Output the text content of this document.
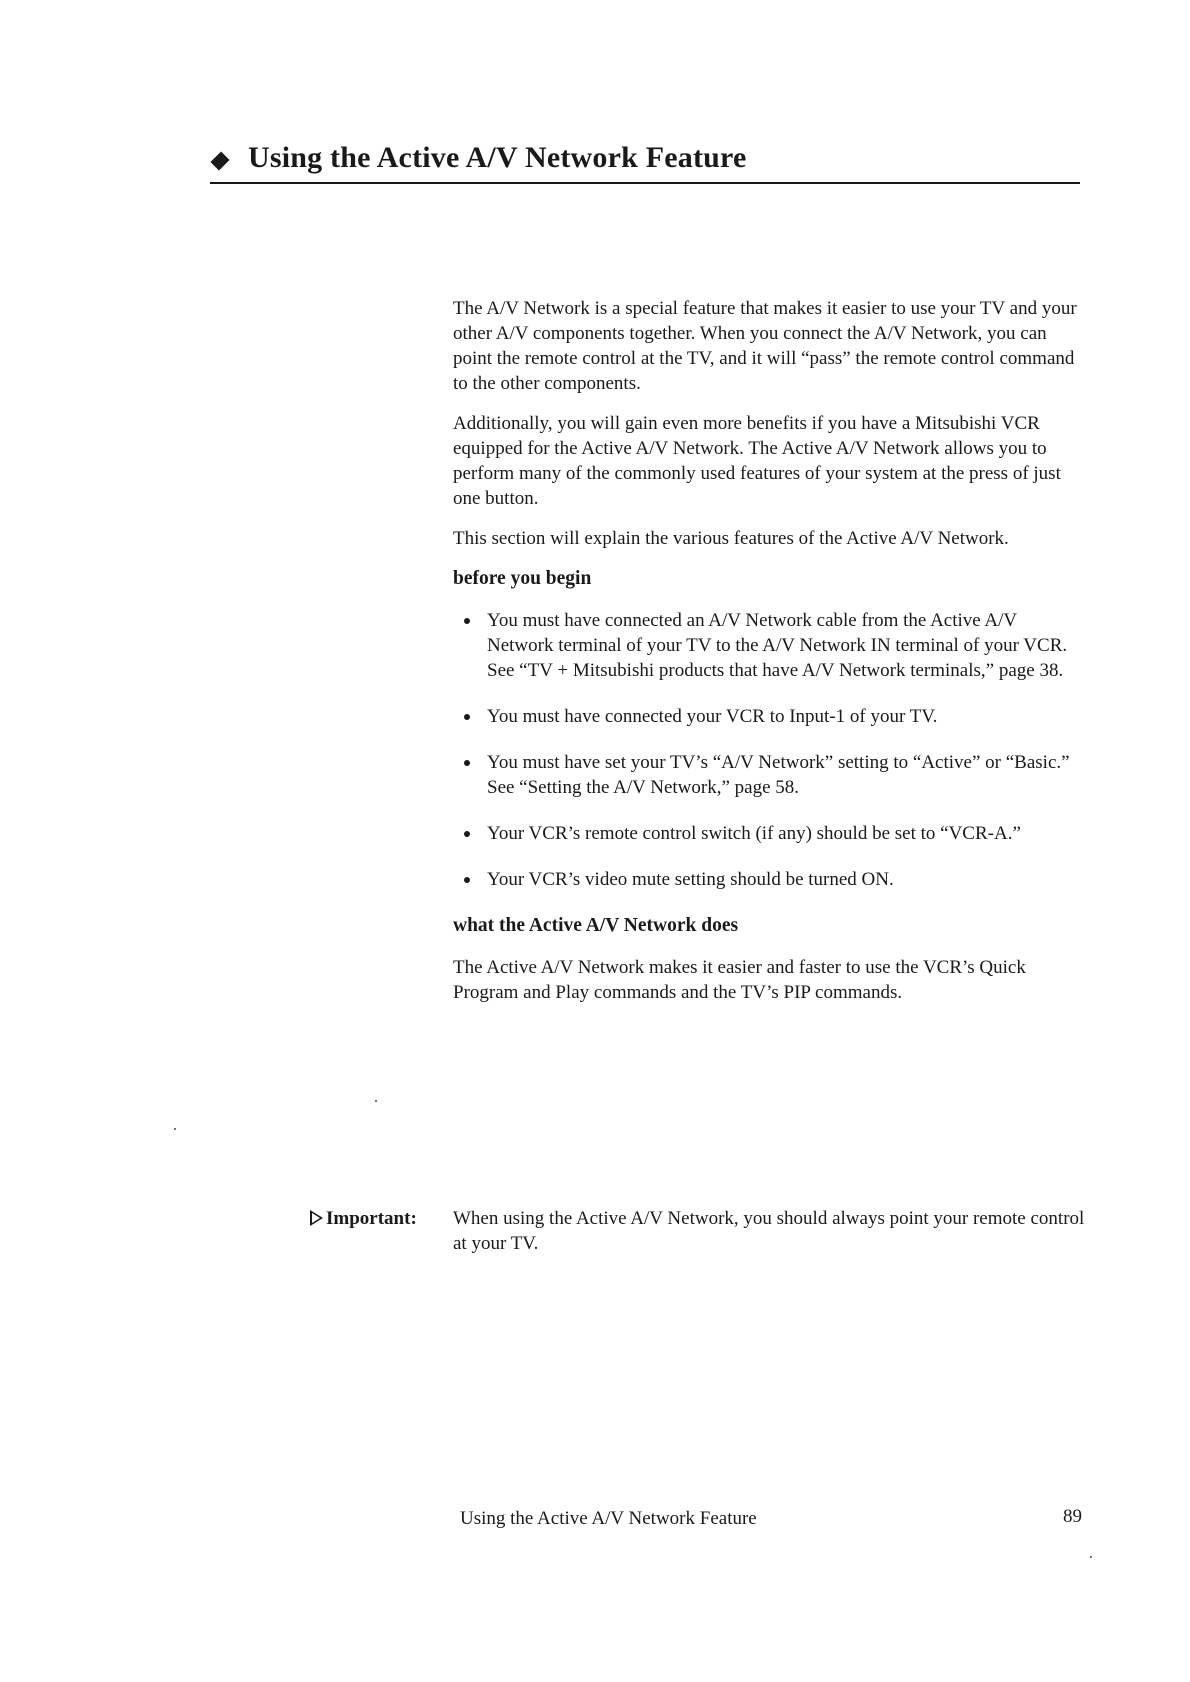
Using the Active A/V Network Feature

The A/V Network is a special feature that makes it easier to use your TV and your other A/V components together. When you connect the A/V Network, you can point the remote control at the TV, and it will “pass” the remote control command to the other components.

Additionally, you will gain even more benefits if you have a Mitsubishi VCR equipped for the Active A/V Network. The Active A/V Network allows you to perform many of the commonly used features of your system at the press of just one button.

This section will explain the various features of the Active A/V Network.

before you begin

You must have connected an A/V Network cable from the Active A/V Network terminal of your TV to the A/V Network IN terminal of your VCR. See “TV + Mitsubishi products that have A/V Network terminals,” page 38.
You must have connected your VCR to Input-1 of your TV.
You must have set your TV’s “A/V Network” setting to “Active” or “Basic.” See “Setting the A/V Network,” page 58.
Your VCR’s remote control switch (if any) should be set to “VCR-A.”
Your VCR’s video mute setting should be turned ON.

what the Active A/V Network does

The Active A/V Network makes it easier and faster to use the VCR’s Quick Program and Play commands and the TV’s PIP commands.

Important:	When using the Active A/V Network, you should always point your remote control at your TV.
Using the Active A/V Network Feature	89
